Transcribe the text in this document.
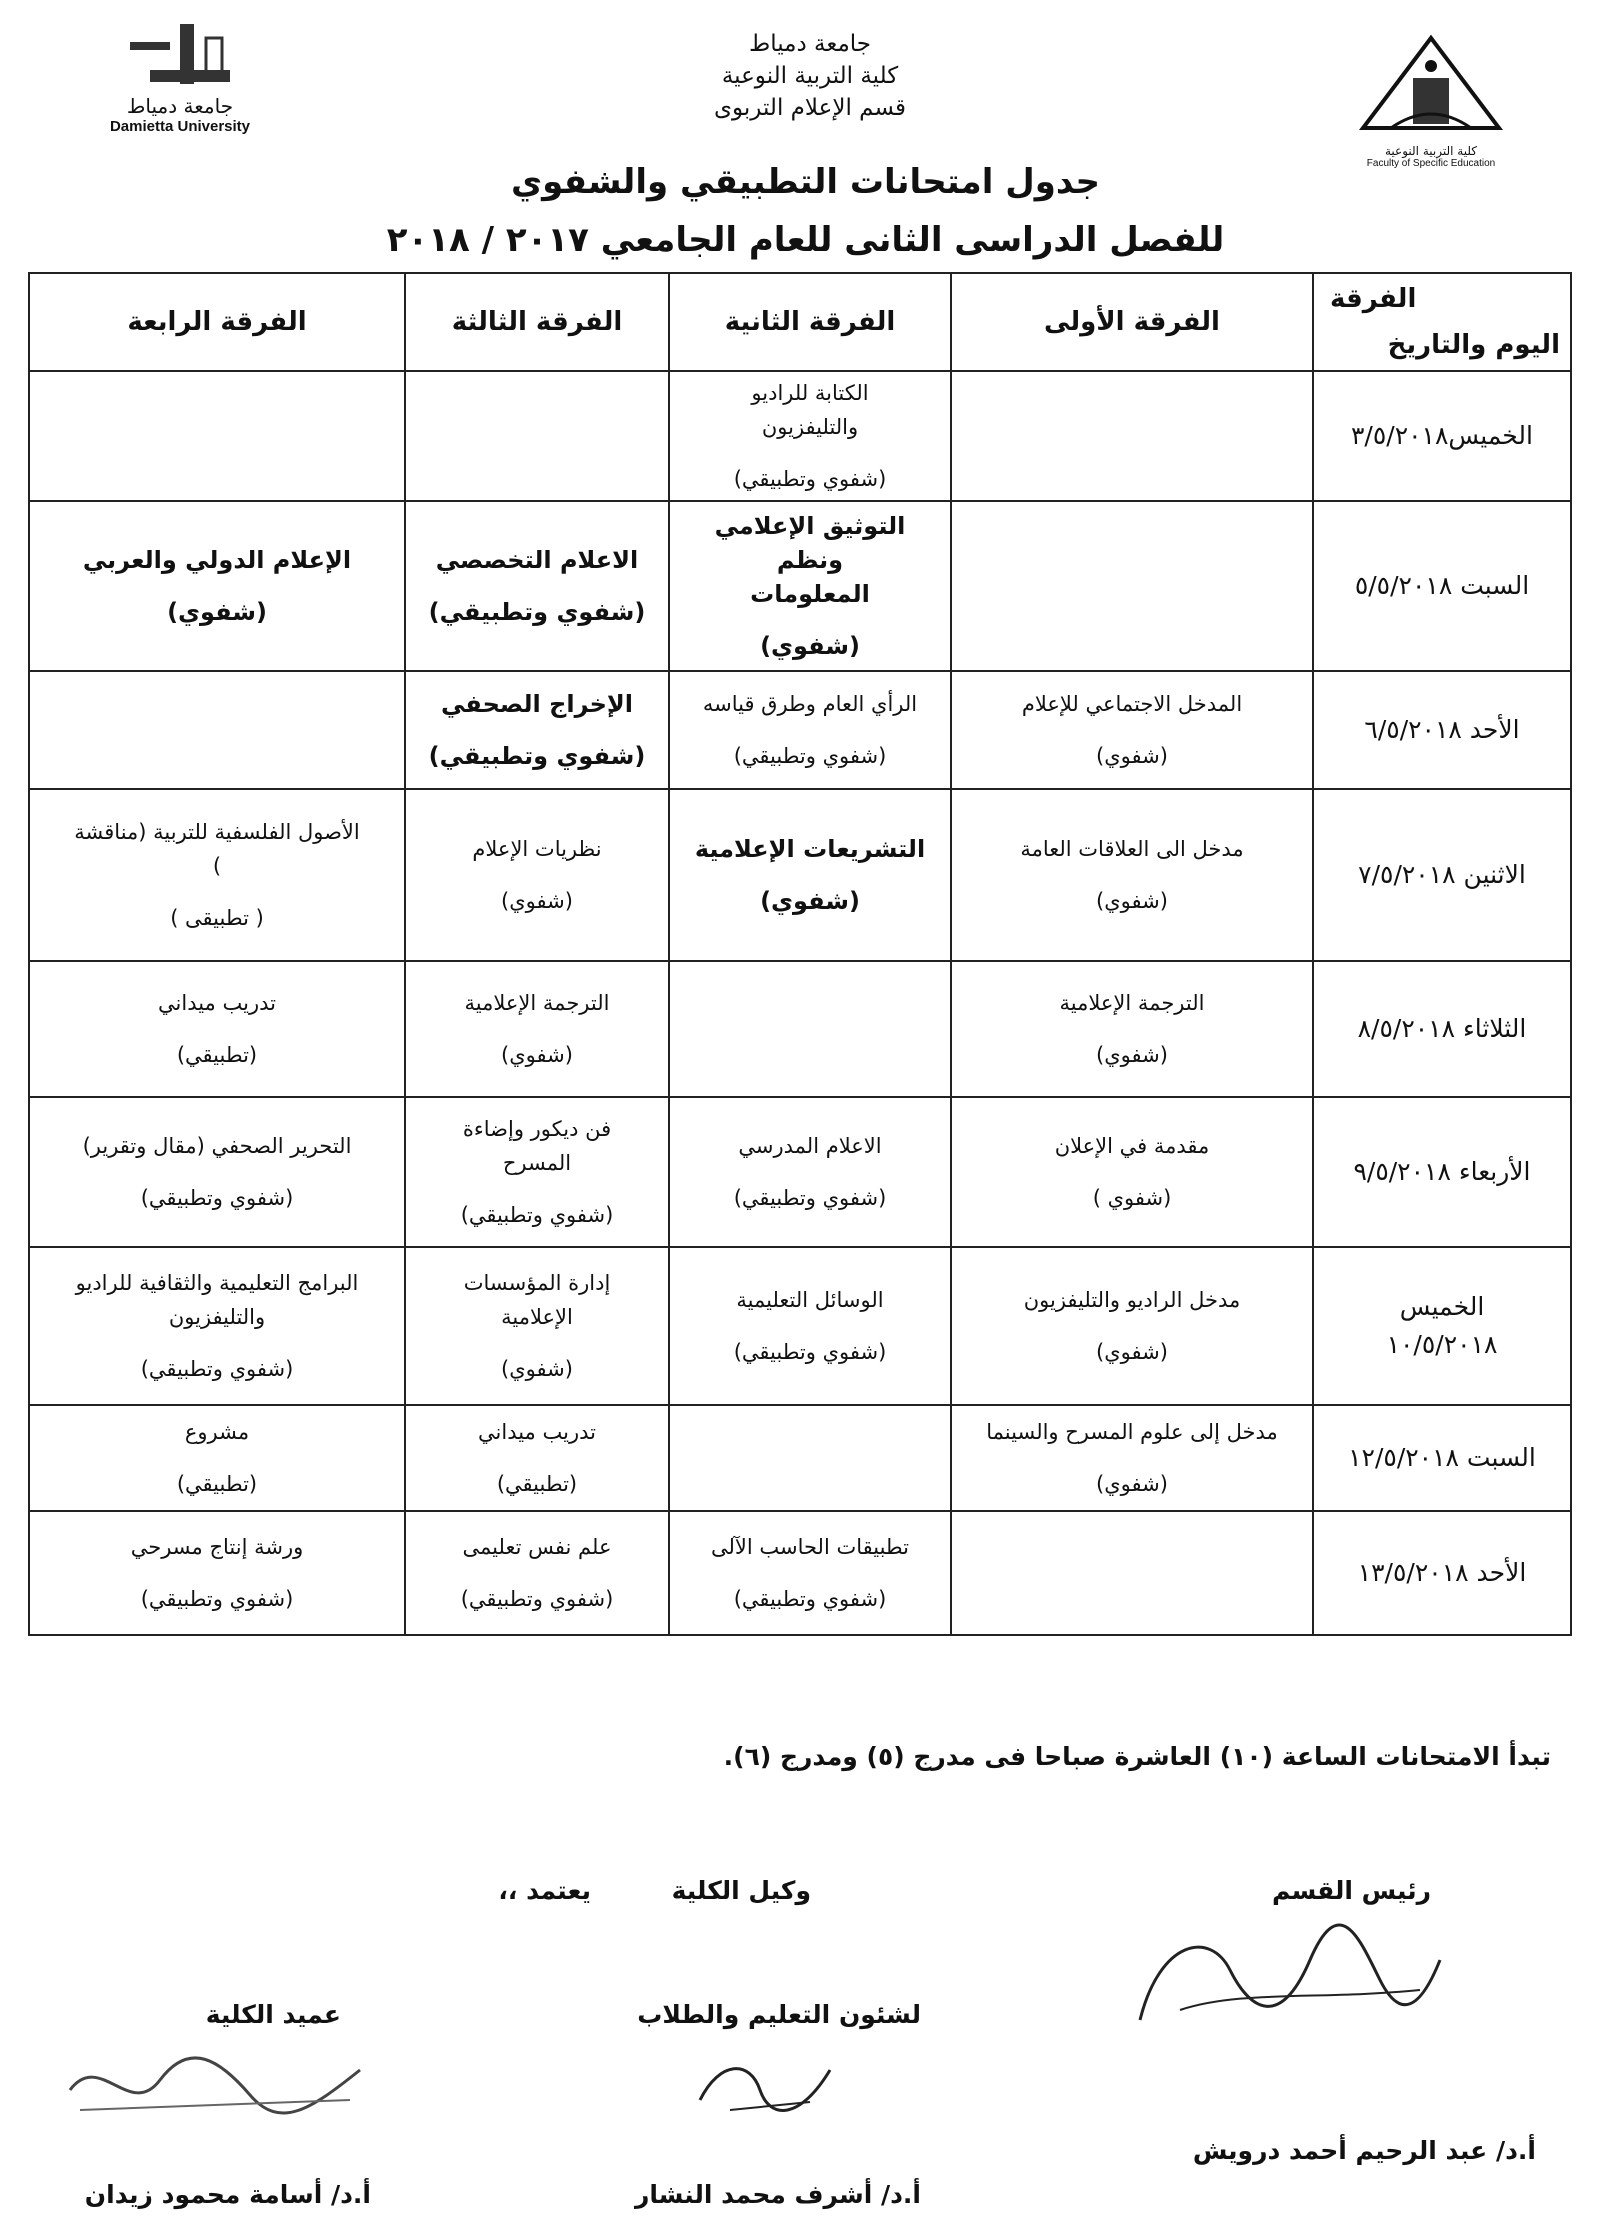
كلية التربية النوعية
Faculty of Specific Education
جامعة دمياط
كلية التربية النوعية
قسم الإعلام التربوى
جامعة دمياط
Damietta University
جدول امتحانات التطبيقي والشفوي
للفصل الدراسى الثانى للعام الجامعي ٢٠١٧ / ٢٠١٨
الفرقة
اليوم والتاريخ	الفرقة الأولى	الفرقة الثانية	الفرقة الثالثة	الفرقة الرابعة

الخميس٣/٥/٢٠١٨		الكتابة للراديو
والتليفزيون
(شفوي وتطبيقي)		

السبت ٥/٥/٢٠١٨		التوثيق الإعلامي ونظم
المعلومات
(شفوي)	الاعلام التخصصي
(شفوي وتطبيقي)	الإعلام الدولي والعربي
(شفوي)

الأحد ٦/٥/٢٠١٨	المدخل الاجتماعي للإعلام
(شفوي)	الرأي العام وطرق قياسه
(شفوي وتطبيقي)	الإخراج الصحفي
(شفوي وتطبيقي)	

الاثنين ٧/٥/٢٠١٨	مدخل الى العلاقات العامة
(شفوي)	التشريعات الإعلامية
(شفوي)	نظريات الإعلام
(شفوي)	الأصول الفلسفية للتربية (مناقشة
)
( تطبيقى )

الثلاثاء ٨/٥/٢٠١٨	الترجمة الإعلامية
(شفوي)		الترجمة الإعلامية
(شفوي)	تدريب ميداني
(تطبيقي)

الأربعاء ٩/٥/٢٠١٨	مقدمة في الإعلان
(شفوي )	الاعلام المدرسي
(شفوي وتطبيقي)	فن ديكور وإضاءة
المسرح
(شفوي وتطبيقي)	التحرير الصحفي (مقال وتقرير)
(شفوي وتطبيقي)

الخميس
١٠/٥/٢٠١٨	مدخل الراديو والتليفزيون
(شفوي)	الوسائل التعليمية
(شفوي وتطبيقي)	إدارة المؤسسات
الإعلامية
(شفوي)	البرامج التعليمية والثقافية للراديو
والتليفزيون
(شفوي وتطبيقي)

السبت ١٢/٥/٢٠١٨	مدخل إلى علوم المسرح والسينما
(شفوي)		تدريب ميداني
(تطبيقي)	مشروع
(تطبيقي)

الأحد ١٣/٥/٢٠١٨		تطبيقات الحاسب الآلى
(شفوي وتطبيقي)	علم نفس تعليمى
(شفوي وتطبيقي)	ورشة إنتاج مسرحي
(شفوي وتطبيقي)
تبدأ الامتحانات الساعة (١٠) العاشرة صباحا فى مدرج (٥) ومدرج (٦).
رئيس القسم
وكيل الكلية
يعتمد ،،
لشئون التعليم والطلاب
عميد الكلية
أ.د/ عبد الرحيم أحمد درويش
أ.د/ أشرف محمد النشار
أ.د/ أسامة محمود زيدان
